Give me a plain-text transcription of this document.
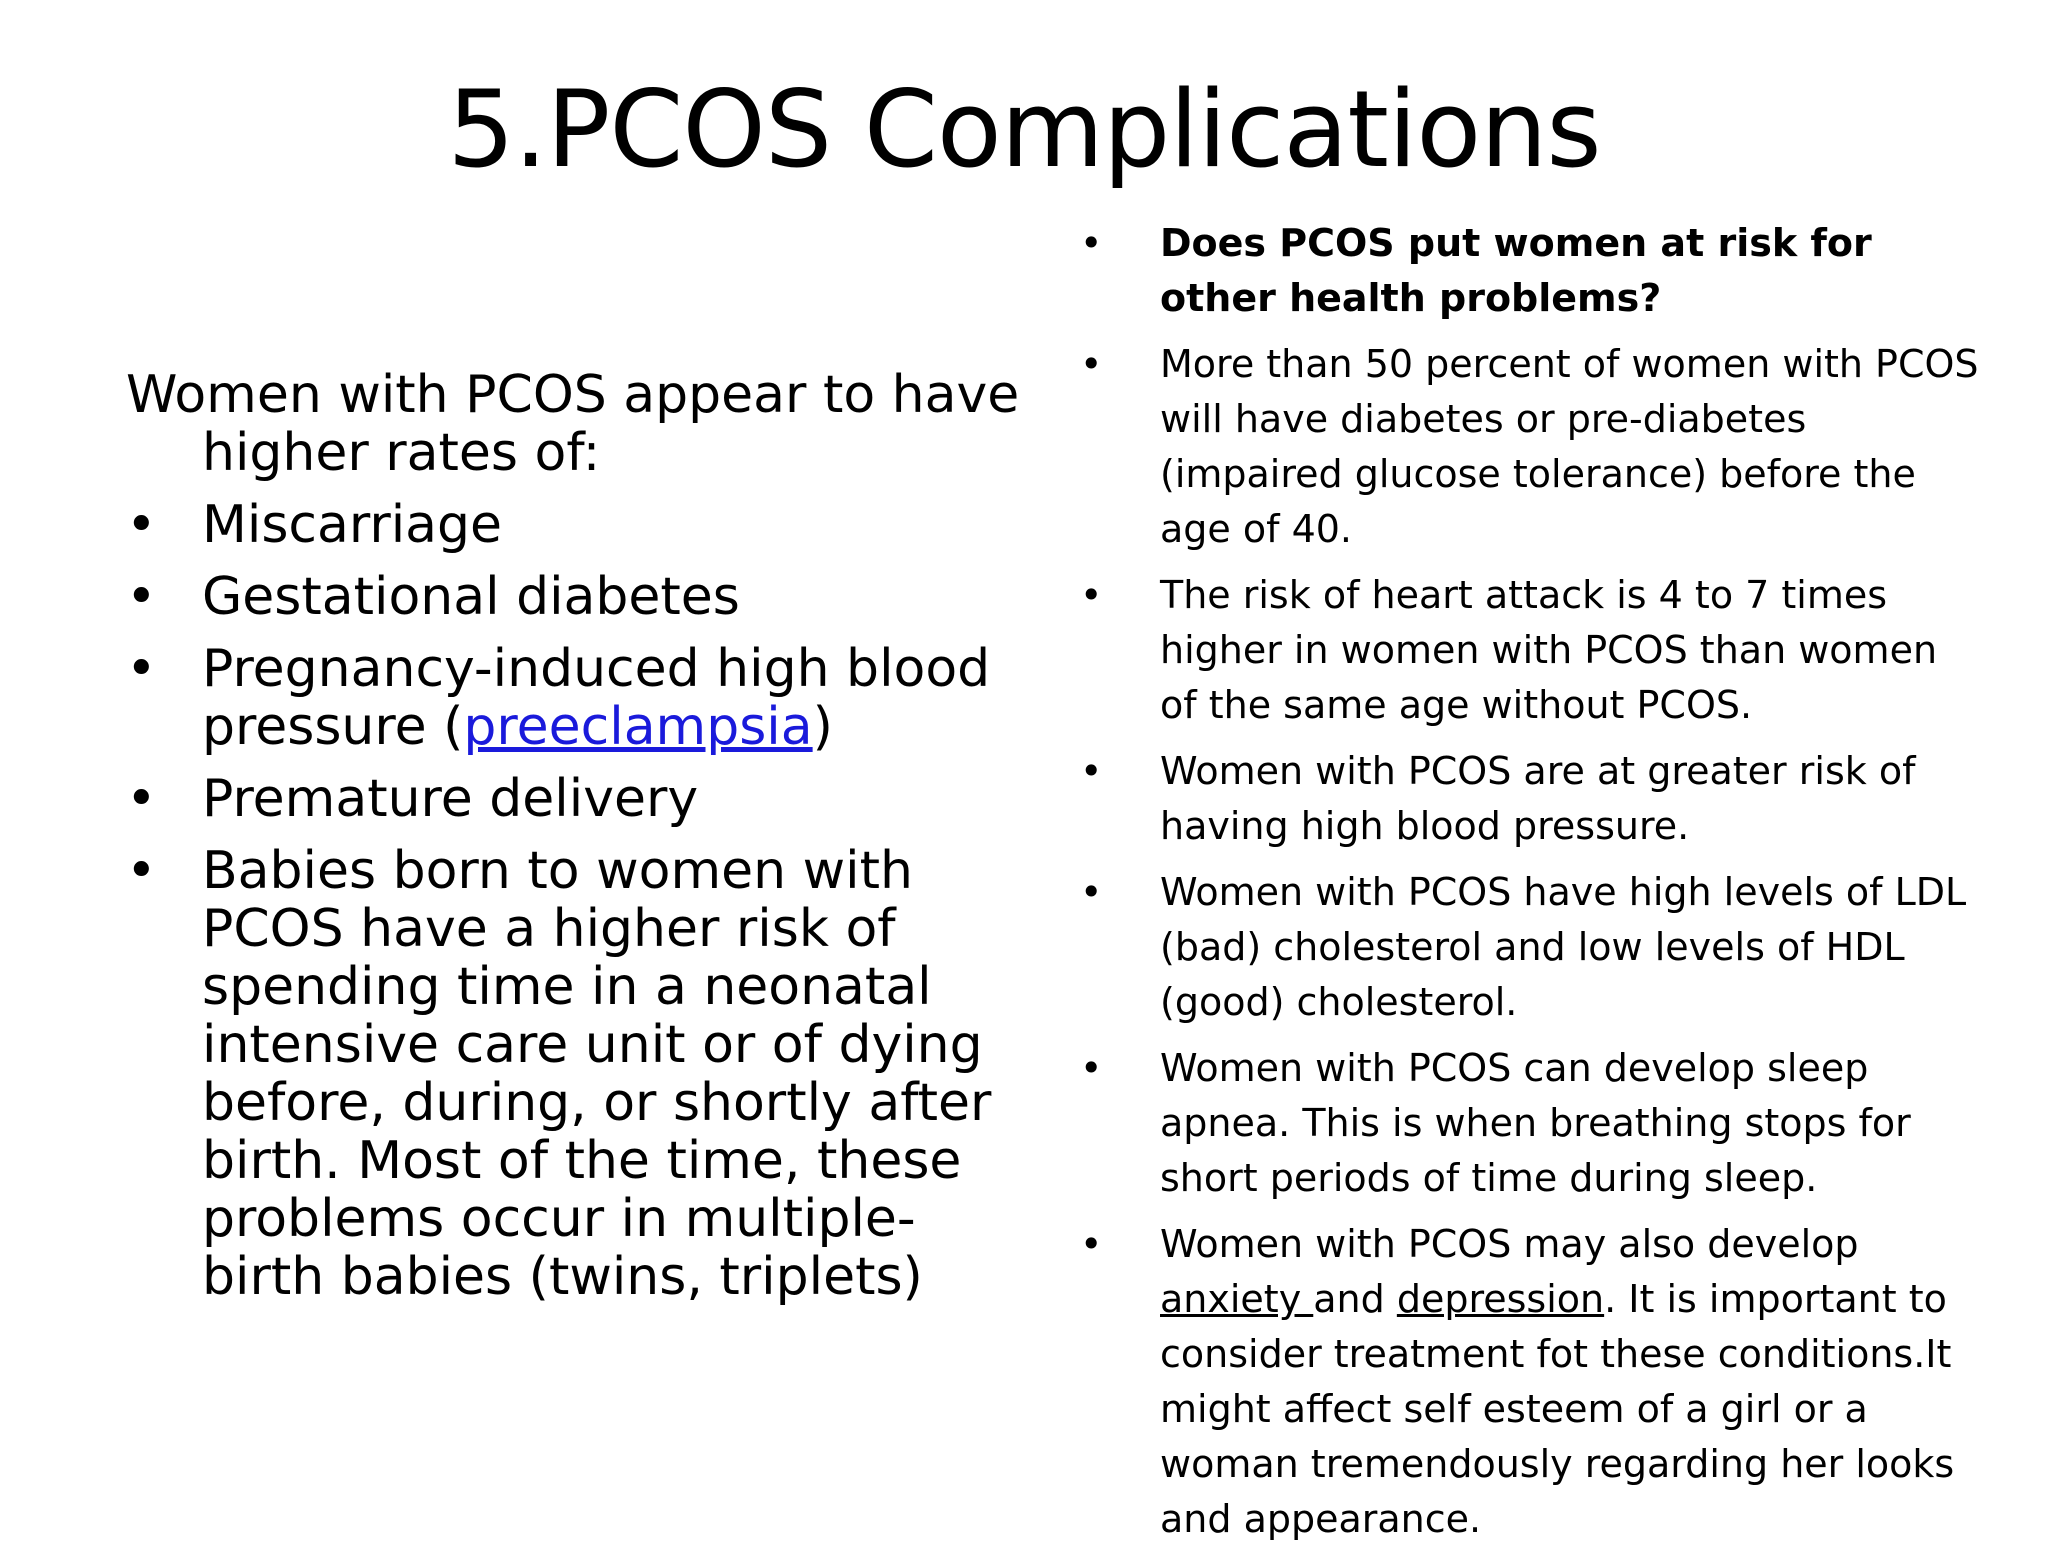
5.PCOS Complications

Women with PCOS appear to have higher rates of:

• Miscarriage
• Gestational diabetes
• Pregnancy-induced high blood pressure (preeclampsia)
• Premature delivery
• Babies born to women with PCOS have a higher risk of spending time in a neonatal intensive care unit or of dying before, during, or shortly after birth. Most of the time, these problems occur in multiple-birth babies (twins, triplets)
•	Does PCOS put women at risk for other health problems?
•	More than 50 percent of women with PCOS will have diabetes or pre-diabetes (impaired glucose tolerance) before the age of 40.
•	The risk of heart attack is 4 to 7 times higher in women with PCOS than women of the same age without PCOS.
•	Women with PCOS are at greater risk of having high blood pressure.
•	Women with PCOS have high levels of LDL (bad) cholesterol and low levels of HDL (good) cholesterol.
•	Women with PCOS can develop sleep apnea. This is when breathing stops for short periods of time during sleep.
•	Women with PCOS may also develop anxiety and depression. It is important to consider treatment fot these conditions.It might affect self esteem of a girl or a woman tremendously regarding her looks and appearance.
